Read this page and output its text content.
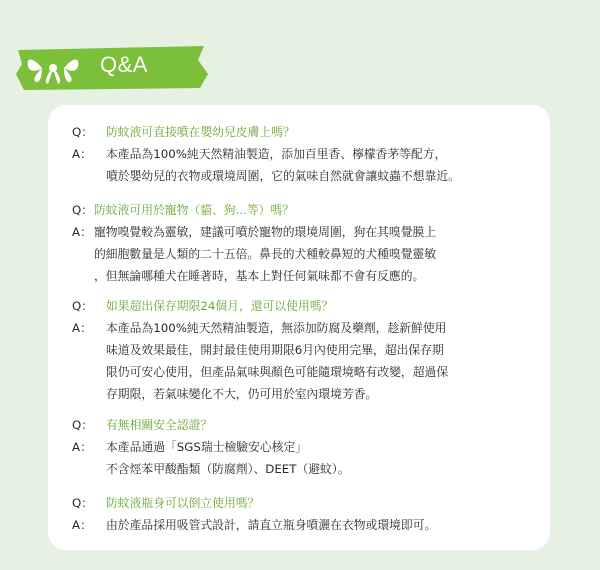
Q&A
Q：	防蚊液可直接噴在嬰幼兒皮膚上嗎？
A：	本產品為100%純天然精油製造，添加百里香、檸檬香茅等配方，
噴於嬰幼兒的衣物或環境周圍，它的氣味自然就會讓蚊蟲不想靠近。
Q： 防蚊液可用於寵物（貓、狗...等）嗎？
A： 寵物嗅覺較為靈敏，建議可噴於寵物的環境周圍，狗在其嗅覺膜上
的細胞數量是人類的二十五倍。鼻長的犬種較鼻短的犬種嗅覺靈敏
，但無論哪種犬在睡著時，基本上對任何氣味都不會有反應的。
Q：	如果超出保存期限24個月，還可以使用嗎？
A：	本產品為100%純天然精油製造，無添加防腐及藥劑，趁新鮮使用
味道及效果最佳，開封最佳使用期限6月內使用完畢，超出保存期
限仍可安心使用，但產品氣味與顏色可能隨環境略有改變，超過保
存期限，若氣味變化不大，仍可用於室內環境芳香。
Q：	有無相關安全認證？
A：	本產品通過「SGS瑞士檢驗安心核定」
不含烴苯甲酸酯類（防腐劑）、DEET（避蚊）。
Q：	防蚊液瓶身可以倒立使用嗎？
A：	由於產品採用吸管式設計，請直立瓶身噴灑在衣物或環境即可。
